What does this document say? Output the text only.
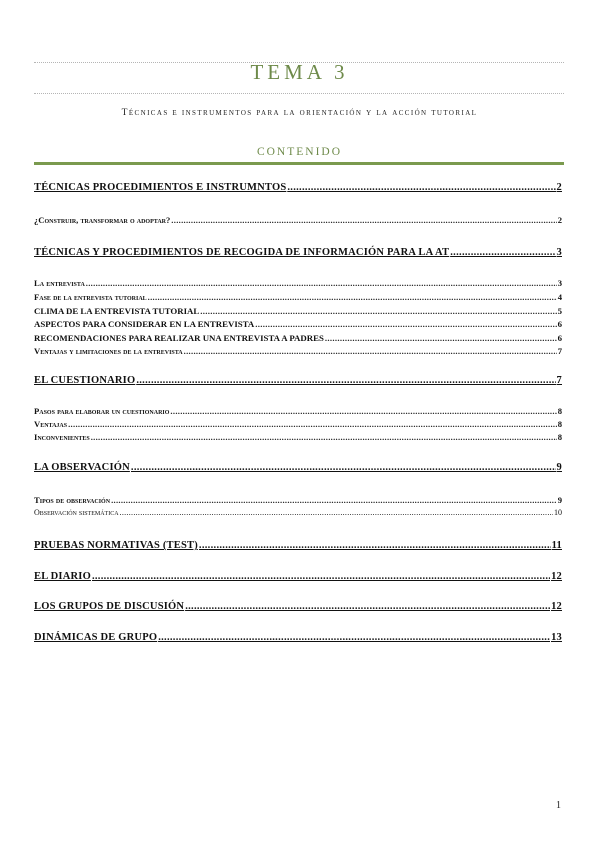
TEMA 3
Técnicas e instrumentos para la orientación y la acción tutorial
CONTENIDO
TÉCNICAS PROCEDIMIENTOS E INSTRUMNTOS .....	2
¿Construir, transformar o adoptar? .....	2
TÉCNICAS Y PROCEDIMIENTOS DE RECOGIDA DE INFORMACIÓN PARA LA AT .....	3
La entrevista .....	3
Fase de la entrevista tutorial .....	4
CLIMA DE LA ENTREVISTA TUTORIAL .....	5
ASPECTOS PARA CONSIDERAR EN LA ENTREVISTA .....	6
RECOMENDACIONES PARA REALIZAR UNA ENTREVISTA A PADRES .....	6
Ventajas y limitaciones de la entrevista .....	7
EL CUESTIONARIO .....	7
Pasos para elaborar un cuestionario .....	8
Ventajas .....	8
Inconvenientes .....	8
LA OBSERVACIÓN .....	9
Tipos de observación .....	9
Observación sistemática .....	10
PRUEBAS NORMATIVAS (TEST) .....	11
EL DIARIO .....	12
LOS GRUPOS DE DISCUSIÓN .....	12
DINÁMICAS DE GRUPO .....	13
1
